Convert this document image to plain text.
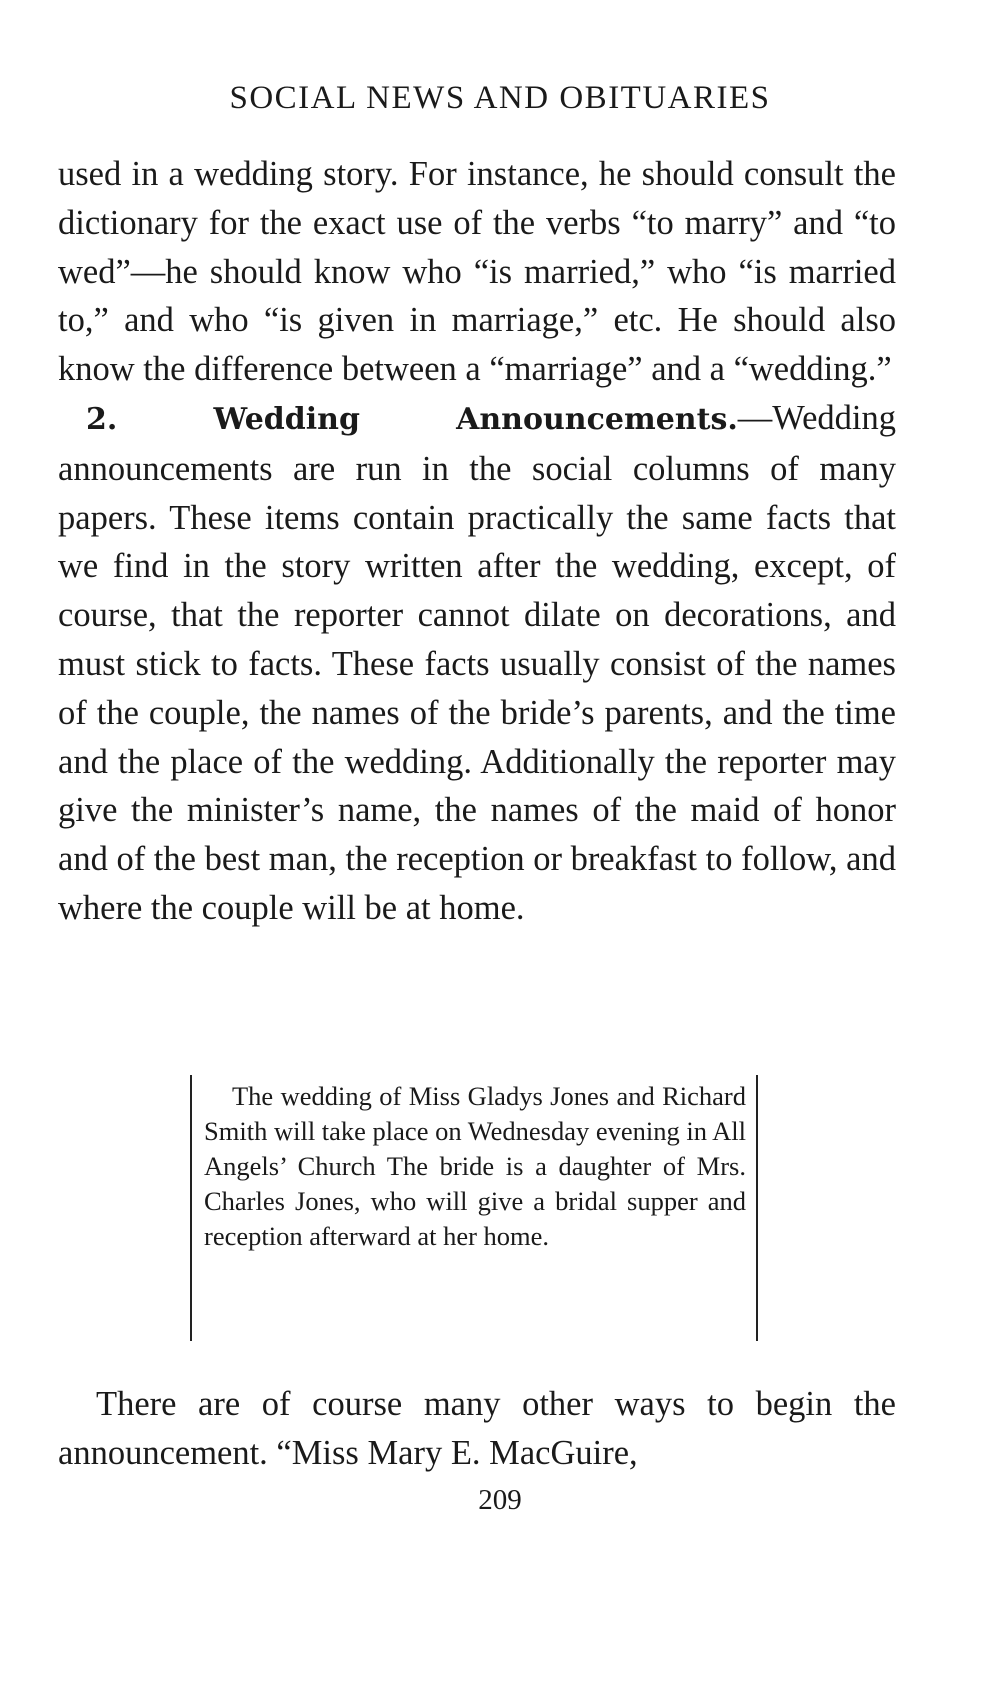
SOCIAL NEWS AND OBITUARIES

used in a wedding story. For instance, he should consult the dictionary for the exact use of the verbs “to marry” and “to wed”—he should know who “is married,” who “is married to,” and who “is given in marriage,” etc. He should also know the difference between a “marriage” and a “wedding.”

2. Wedding Announcements.—Wedding announcements are run in the social columns of many papers. These items contain practically the same facts that we find in the story written after the wedding, except, of course, that the reporter cannot dilate on decorations, and must stick to facts. These facts usually consist of the names of the couple, the names of the bride’s parents, and the time and the place of the wedding. Additionally the reporter may give the minister’s name, the names of the maid of honor and of the best man, the reception or breakfast to follow, and where the couple will be at home.

The wedding of Miss Gladys Jones and Richard Smith will take place on Wednesday evening in All Angels’ Church The bride is a daughter of Mrs. Charles Jones, who will give a bridal supper and reception afterward at her home.
There are of course many other ways to begin the announcement. “Miss Mary E. MacGuire,
209
